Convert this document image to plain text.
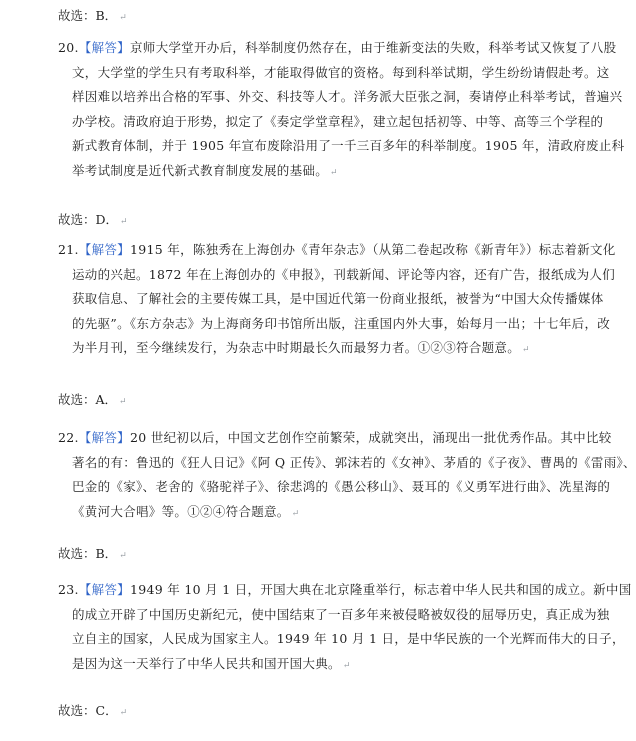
故选：B． ↵
20.【解答】京师大学堂开办后，科举制度仍然存在，由于维新变法的失败，科举考试又恢复了八股
文，大学堂的学生只有考取科举，才能取得做官的资格。每到科举试期，学生纷纷请假赴考。这
样因难以培养出合格的军事、外交、科技等人才。洋务派大臣张之洞，奏请停止科举考试，普遍兴
办学校。清政府迫于形势，拟定了《奏定学堂章程》，建立起包括初等、中等、高等三个学程的
新式教育体制，并于 1905 年宣布废除沿用了一千三百多年的科举制度。1905 年，清政府废止科
举考试制度是近代新式教育制度发展的基础。 ↵
故选：D． ↵
21.【解答】1915 年，陈独秀在上海创办《青年杂志》（从第二卷起改称《新青年》）标志着新文化
运动的兴起。1872 年在上海创办的《申报》，刊载新闻、评论等内容，还有广告，报纸成为人们
获取信息、了解社会的主要传媒工具，是中国近代第一份商业报纸，被誉为“中国大众传播媒体
的先驱”。《东方杂志》为上海商务印书馆所出版，注重国内外大事，始每月一出；十七年后，改
为半月刊，至今继续发行，为杂志中时期最长久而最努力者。①②③符合题意。 ↵
故选：A． ↵
22.【解答】20 世纪初以后，中国文艺创作空前繁荣，成就突出，涌现出一批优秀作品。其中比较
著名的有：鲁迅的《狂人日记》《阿 Q 正传》、郭沫若的《女神》、茅盾的《子夜》、曹禺的《雷雨》、
巴金的《家》、老舍的《骆驼祥子》、徐悲鸿的《愚公移山》、聂耳的《义勇军进行曲》、冼星海的
《黄河大合唱》等。①②④符合题意。 ↵
故选：B． ↵
23.【解答】1949 年 10 月 1 日，开国大典在北京隆重举行，标志着中华人民共和国的成立。新中国
的成立开辟了中国历史新纪元，使中国结束了一百多年来被侵略被奴役的屈辱历史，真正成为独
立自主的国家，人民成为国家主人。1949 年 10 月 1 日，是中华民族的一个光辉而伟大的日子，
是因为这一天举行了中华人民共和国开国大典。 ↵
故选：C． ↵
